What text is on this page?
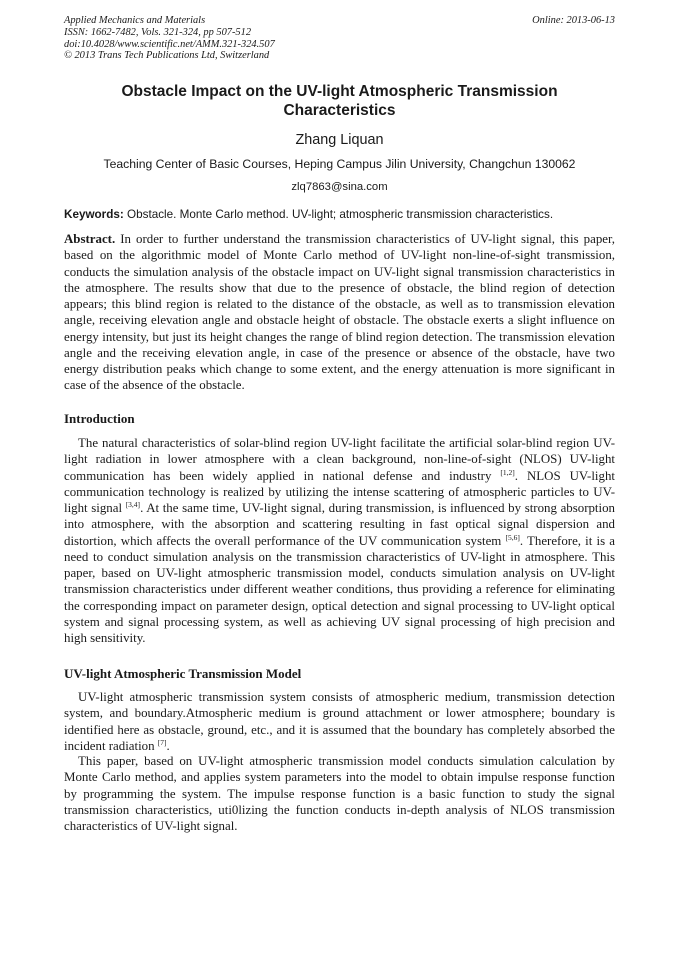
Applied Mechanics and Materials
ISSN: 1662-7482, Vols. 321-324, pp 507-512
doi:10.4028/www.scientific.net/AMM.321-324.507
© 2013 Trans Tech Publications Ltd, Switzerland
Online: 2013-06-13
Obstacle Impact on the UV-light Atmospheric Transmission
Characteristics
Zhang Liquan
Teaching Center of Basic Courses, Heping Campus Jilin University, Changchun 130062
zlq7863@sina.com
Keywords: Obstacle. Monte Carlo method. UV-light; atmospheric transmission characteristics.
Abstract. In order to further understand the transmission characteristics of UV-light signal, this paper, based on the algorithmic model of Monte Carlo method of UV-light non-line-of-sight transmission, conducts the simulation analysis of the obstacle impact on UV-light signal transmission characteristics in the atmosphere. The results show that due to the presence of obstacle, the blind region of detection appears; this blind region is related to the distance of the obstacle, as well as to transmission elevation angle, receiving elevation angle and obstacle height of obstacle. The obstacle exerts a slight influence on energy intensity, but just its height changes the range of blind region detection. The transmission elevation angle and the receiving elevation angle, in case of the presence or absence of the obstacle, have two energy distribution peaks which change to some extent, and the energy attenuation is more significant in case of the absence of the obstacle.
Introduction

The natural characteristics of solar-blind region UV-light facilitate the artificial solar-blind region UV-light radiation in lower atmosphere with a clean background, non-line-of-sight (NLOS) UV-light communication has been widely applied in national defense and industry [1,2]. NLOS UV-light communication technology is realized by utilizing the intense scattering of atmospheric particles to UV-light signal [3,4]. At the same time, UV-light signal, during transmission, is influenced by strong absorption into atmosphere, with the absorption and scattering resulting in fast optical signal dispersion and distortion, which affects the overall performance of the UV communication system [5,6]. Therefore, it is a need to conduct simulation analysis on the transmission characteristics of UV-light in atmosphere. This paper, based on UV-light atmospheric transmission model, conducts simulation analysis on UV-light transmission characteristics under different weather conditions, thus providing a reference for eliminating the corresponding impact on parameter design, optical detection and signal processing to UV-light optical system and signal processing system, as well as achieving UV signal processing of high precision and high sensitivity.

UV-light Atmospheric Transmission Model

UV-light atmospheric transmission system consists of atmospheric medium, transmission detection system, and boundary.Atmospheric medium is ground attachment or lower atmosphere; boundary is identified here as obstacle, ground, etc., and it is assumed that the boundary has completely absorbed the incident radiation [7].

This paper, based on UV-light atmospheric transmission model conducts simulation calculation by Monte Carlo method, and applies system parameters into the model to obtain impulse response function by programming the system. The impulse response function is a basic function to study the signal transmission characteristics, uti0lizing the function conducts in-depth analysis of NLOS transmission characteristics of UV-light signal.
